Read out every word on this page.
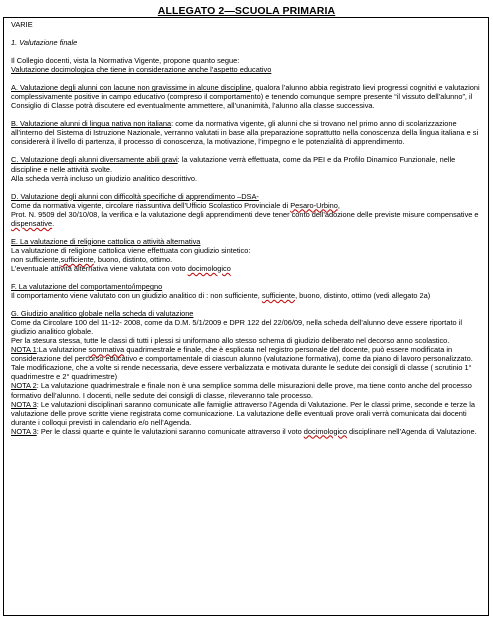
ALLEGATO 2—SCUOLA PRIMARIA

VARIE

1. Valutazione finale

Il Collegio docenti, vista la Normativa Vigente, propone quanto segue:

Valutazione docimologica che tiene in considerazione anche l’aspetto educativo

A. Valutazione degli alunni con lacune non gravissime in alcune discipline, qualora l’alunno abbia registrato lievi progressi cognitivi e valutazioni complessivamente positive in campo educativo (compreso il comportamento) e tenendo comunque sempre presente “il vissuto dell’alunno”, il Consiglio di Classe potrà discutere ed eventualmente ammettere, all’unanimità, l’alunno alla classe successiva.

B. Valutazione alunni di lingua nativa non italiana: come da normativa vigente, gli alunni che si trovano nel primo anno di scolarizzazione all’interno del Sistema di Istruzione Nazionale, verranno valutati in base alla preparazione soprattutto nella conoscenza della lingua italiana e si considererà il livello di partenza, il processo di conoscenza, la motivazione, l’impegno e le potenzialità di apprendimento.

C. Valutazione degli alunni diversamente abili gravi: la valutazione verrà effettuata, come da PEI e da Profilo Dinamico Funzionale, nelle discipline e nelle attività svolte.

Alla scheda verrà incluso un giudizio analitico descrittivo.

D. Valutazione degli alunni con difficoltà specifiche di apprendimento –DSA-

Come da normativa vigente, circolare riassuntiva dell’Ufficio Scolastico Provinciale di Pesaro-Urbino,

Prot. N. 9509 del 30/10/08, la verifica e la valutazione degli apprendimenti deve tener conto dell’adozione delle previste misure compensative e dispensative.

E. La valutazione di religione cattolica o attività alternativa

La valutazione di religione cattolica viene effettuata con giudizio sintetico:

non sufficiente,sufficiente, buono, distinto, ottimo.

L’eventuale attività alternativa viene valutata con voto docimologico

F. La valutazione del comportamento/impegno

Il comportamento viene valutato con un giudizio analitico di : non sufficiente, sufficiente, buono, distinto, ottimo (vedi allegato 2a)

G. Giudizio analitico globale nella scheda di valutazione

Come da Circolare 100 del 11-12- 2008, come da D.M. 5/1/2009 e DPR 122 del 22/06/09, nella scheda dell’alunno deve essere riportato il giudizio analitico globale.

Per la stesura stessa, tutte le classi di tutti i plessi si uniformano allo stesso schema di giudizio deliberato nel decorso anno scolastico.

NOTA 1:La valutazione sommativa quadrimestrale e finale, che è esplicata nel registro personale del docente, può essere modificata in considerazione del percorso educativo e comportamentale di ciascun alunno (valutazione formativa), come da piano di lavoro personalizzato.

Tale modificazione, che a volte si rende necessaria, deve essere verbalizzata e motivata durante le sedute dei consigli di classe ( scrutinio 1° quadrimestre e 2° quadrimestre)

NOTA 2: La valutazione quadrimestrale e finale non è una semplice somma delle misurazioni delle prove, ma tiene conto anche del processo formativo dell’alunno. I docenti, nelle sedute dei consigli di classe, rileveranno tale processo.

NOTA 3: Le valutazioni disciplinari saranno comunicate alle famiglie attraverso l’Agenda di Valutazione. Per le classi prime, seconde e terze la valutazione delle prove scritte viene registrata come comunicazione. La valutazione delle eventuali prove orali verrà comunicata dai docenti durante i colloqui previsti in calendario e/o nell’Agenda.

NOTA 3: Per le classi quarte e quinte le valutazioni saranno comunicate attraverso il voto docimologico disciplinare nell’Agenda di Valutazione.
